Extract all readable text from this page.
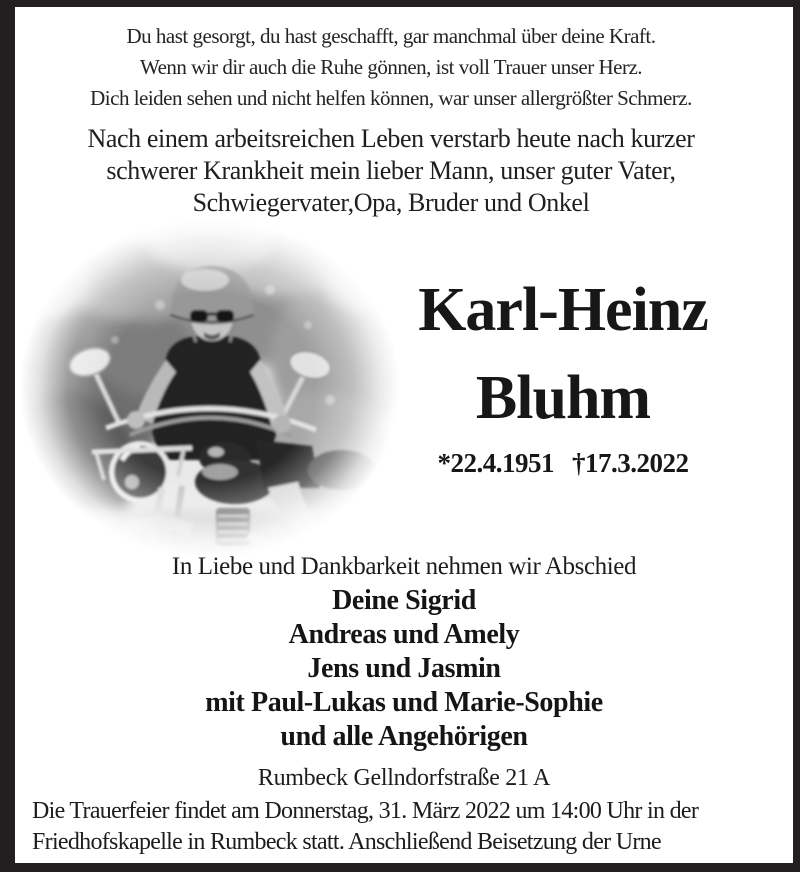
Du hast gesorgt, du hast geschafft, gar manchmal über deine Kraft.
Wenn wir dir auch die Ruhe gönnen, ist voll Trauer unser Herz.
Dich leiden sehen und nicht helfen können, war unser allergrößter Schmerz.
Nach einem arbeitsreichen Leben verstarb heute nach kurzer
schwerer Krankheit mein lieber Mann, unser guter Vater,
Schwiegervater,Opa, Bruder und Onkel
Karl-Heinz
Bluhm
*22.4.1951 †17.3.2022
In Liebe und Dankbarkeit nehmen wir Abschied
Deine Sigrid
Andreas und Amely
Jens und Jasmin
mit Paul-Lukas und Marie-Sophie
und alle Angehörigen
Rumbeck Gellndorfstraße 21 A
Die Trauerfeier findet am Donnerstag, 31. März 2022 um 14:00 Uhr in der
Friedhofskapelle in Rumbeck statt. Anschließend Beisetzung der Urne
